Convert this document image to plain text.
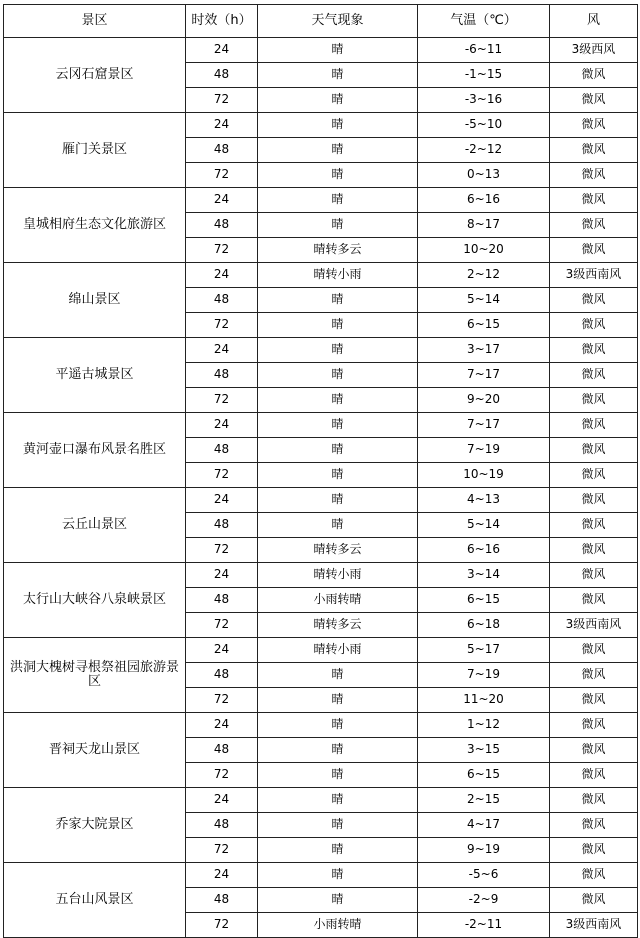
景区	时效（h）	天气现象	气温（℃）	风
云冈石窟景区	24	晴	-6~11	3级西风
	48	晴	-1~15	微风
	72	晴	-3~16	微风
雁门关景区	24	晴	-5~10	微风
	48	晴	-2~12	微风
	72	晴	0~13	微风
皇城相府生态文化旅游区	24	晴	6~16	微风
	48	晴	8~17	微风
	72	晴转多云	10~20	微风
绵山景区	24	晴转小雨	2~12	3级西南风
	48	晴	5~14	微风
	72	晴	6~15	微风
平遥古城景区	24	晴	3~17	微风
	48	晴	7~17	微风
	72	晴	9~20	微风
黄河壶口瀑布风景名胜区	24	晴	7~17	微风
	48	晴	7~19	微风
	72	晴	10~19	微风
云丘山景区	24	晴	4~13	微风
	48	晴	5~14	微风
	72	晴转多云	6~16	微风
太行山大峡谷八泉峡景区	24	晴转小雨	3~14	微风
	48	小雨转晴	6~15	微风
	72	晴转多云	6~18	3级西南风
洪洞大槐树寻根祭祖园旅游景区	24	晴转小雨	5~17	微风
	48	晴	7~19	微风
	72	晴	11~20	微风
晋祠天龙山景区	24	晴	1~12	微风
	48	晴	3~15	微风
	72	晴	6~15	微风
乔家大院景区	24	晴	2~15	微风
	48	晴	4~17	微风
	72	晴	9~19	微风
五台山风景区	24	晴	-5~6	微风
	48	晴	-2~9	微风
	72	小雨转晴	-2~11	3级西南风
